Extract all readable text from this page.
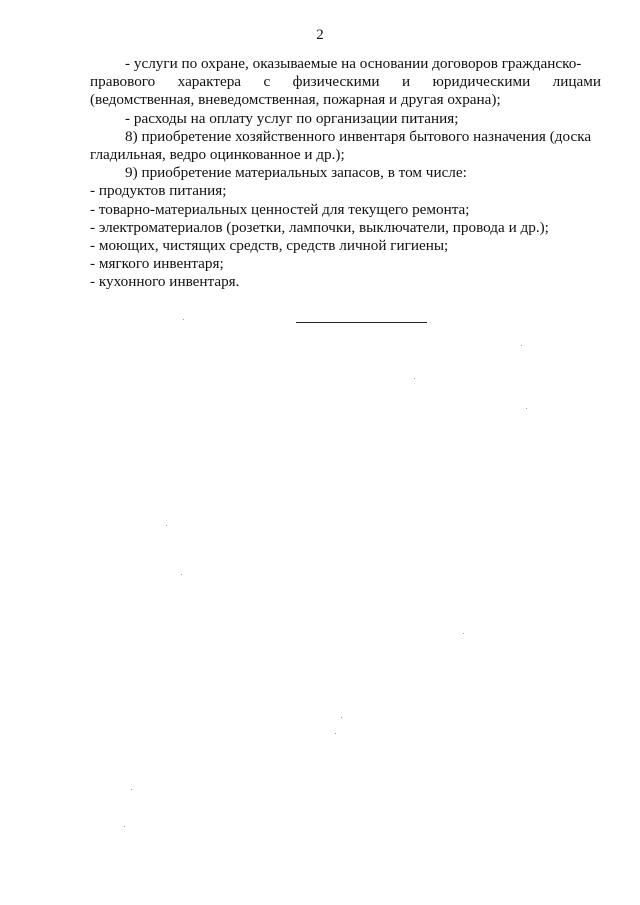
2

- услуги по охране, оказываемые на основании договоров гражданско-

правового характера с физическими и юридическими лицами

(ведомственная, вневедомственная, пожарная и другая охрана);

- расходы на оплату услуг по организации питания;

8) приобретение хозяйственного инвентаря бытового назначения (доска

гладильная, ведро оцинкованное и др.);

9) приобретение материальных запасов, в том числе:

- продуктов питания;

- товарно-материальных ценностей для текущего ремонта;

- электроматериалов (розетки, лампочки, выключатели, провода и др.);

- моющих, чистящих средств, средств личной гигиены;

- мягкого инвентаря;

- кухонного инвентаря.
